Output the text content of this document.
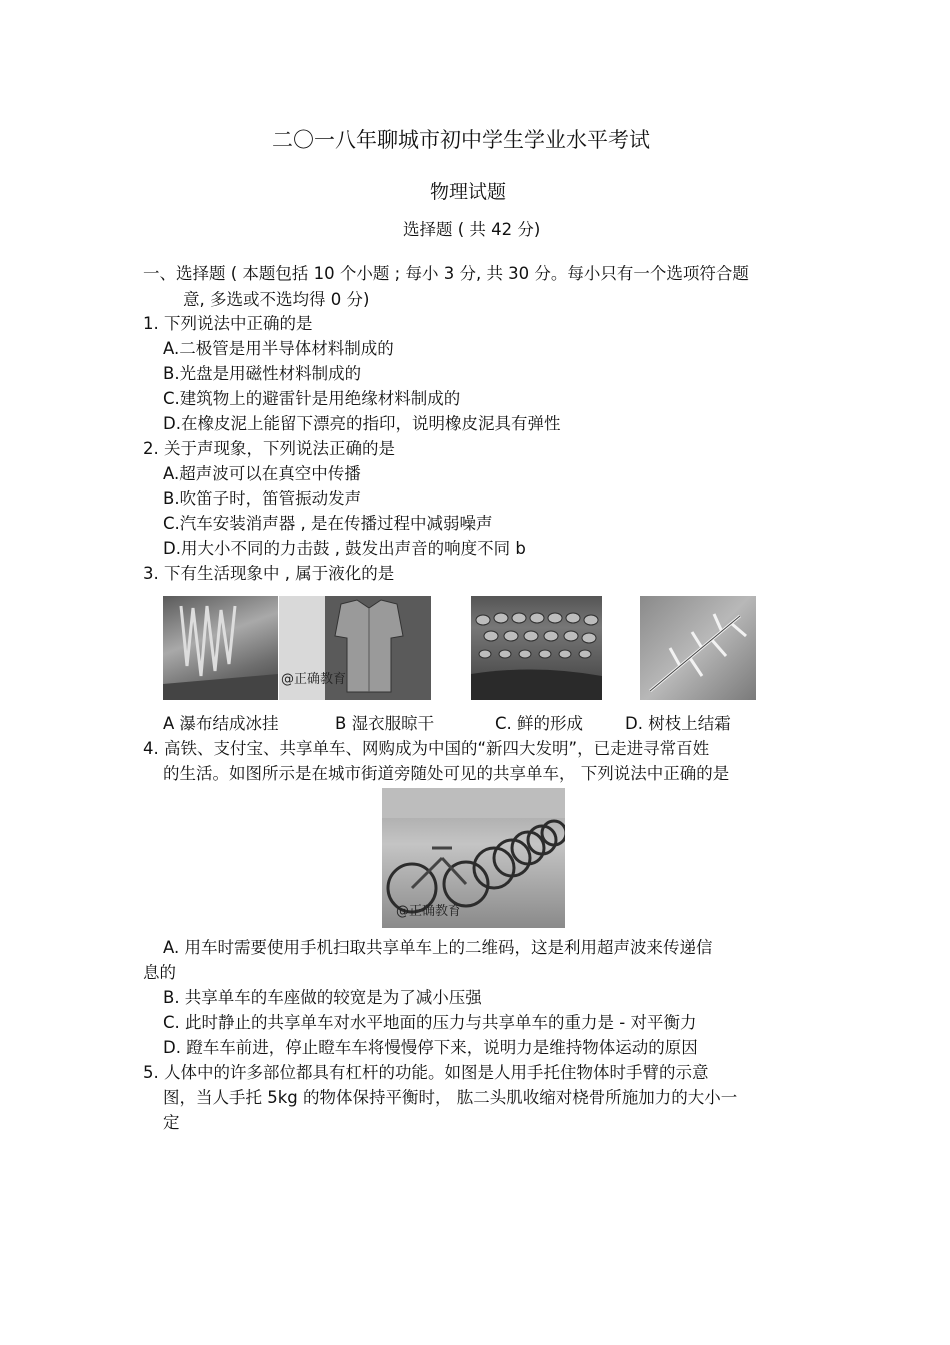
二〇一八年聊城市初中学生学业水平考试
物理试题
选择题 ( 共 42 分)
一、选择题 ( 本题包括 10 个小题 ; 每小 3 分, 共 30 分。每小只有一个选项符合题
意, 多选或不选均得 0 分)
1. 下列说法中正确的是
A.二极管是用半导体材料制成的
B.光盘是用磁性材料制成的
C.建筑物上的避雷针是用绝缘材料制成的
D.在橡皮泥上能留下漂亮的指印，说明橡皮泥具有弹性
2. 关于声现象，下列说法正确的是
A.超声波可以在真空中传播
B.吹笛子时，笛管振动发声
C.汽车安装消声器 , 是在传播过程中减弱噪声
D.用大小不同的力击鼓 , 鼓发出声音的响度不同 b
3. 下有生活现象中 , 属于液化的是
@正确教育
A 瀑布结成冰挂	B 湿衣服晾干	C. 鲜的形成	D. 树枝上结霜
4. 高铁、支付宝、共享单车、网购成为中国的“新四大发明”，已走进寻常百姓
的生活。如图所示是在城市街道旁随处可见的共享单车， 下列说法中正确的是
@正确教育
A. 用车时需要使用手机扫取共享单车上的二维码，这是利用超声波来传递信
息的
B. 共享单车的车座做的较宽是为了减小压强
C. 此时静止的共享单车对水平地面的压力与共享单车的重力是 - 对平衡力
D. 蹬车车前进，停止瞪车车将慢慢停下来，说明力是维持物体运动的原因
5. 人体中的许多部位都具有杠杆的功能。如图是人用手托住物体时手臂的示意
图，当人手托 5kg 的物体保持平衡时， 肱二头肌收缩对桡骨所施加力的大小一
定
